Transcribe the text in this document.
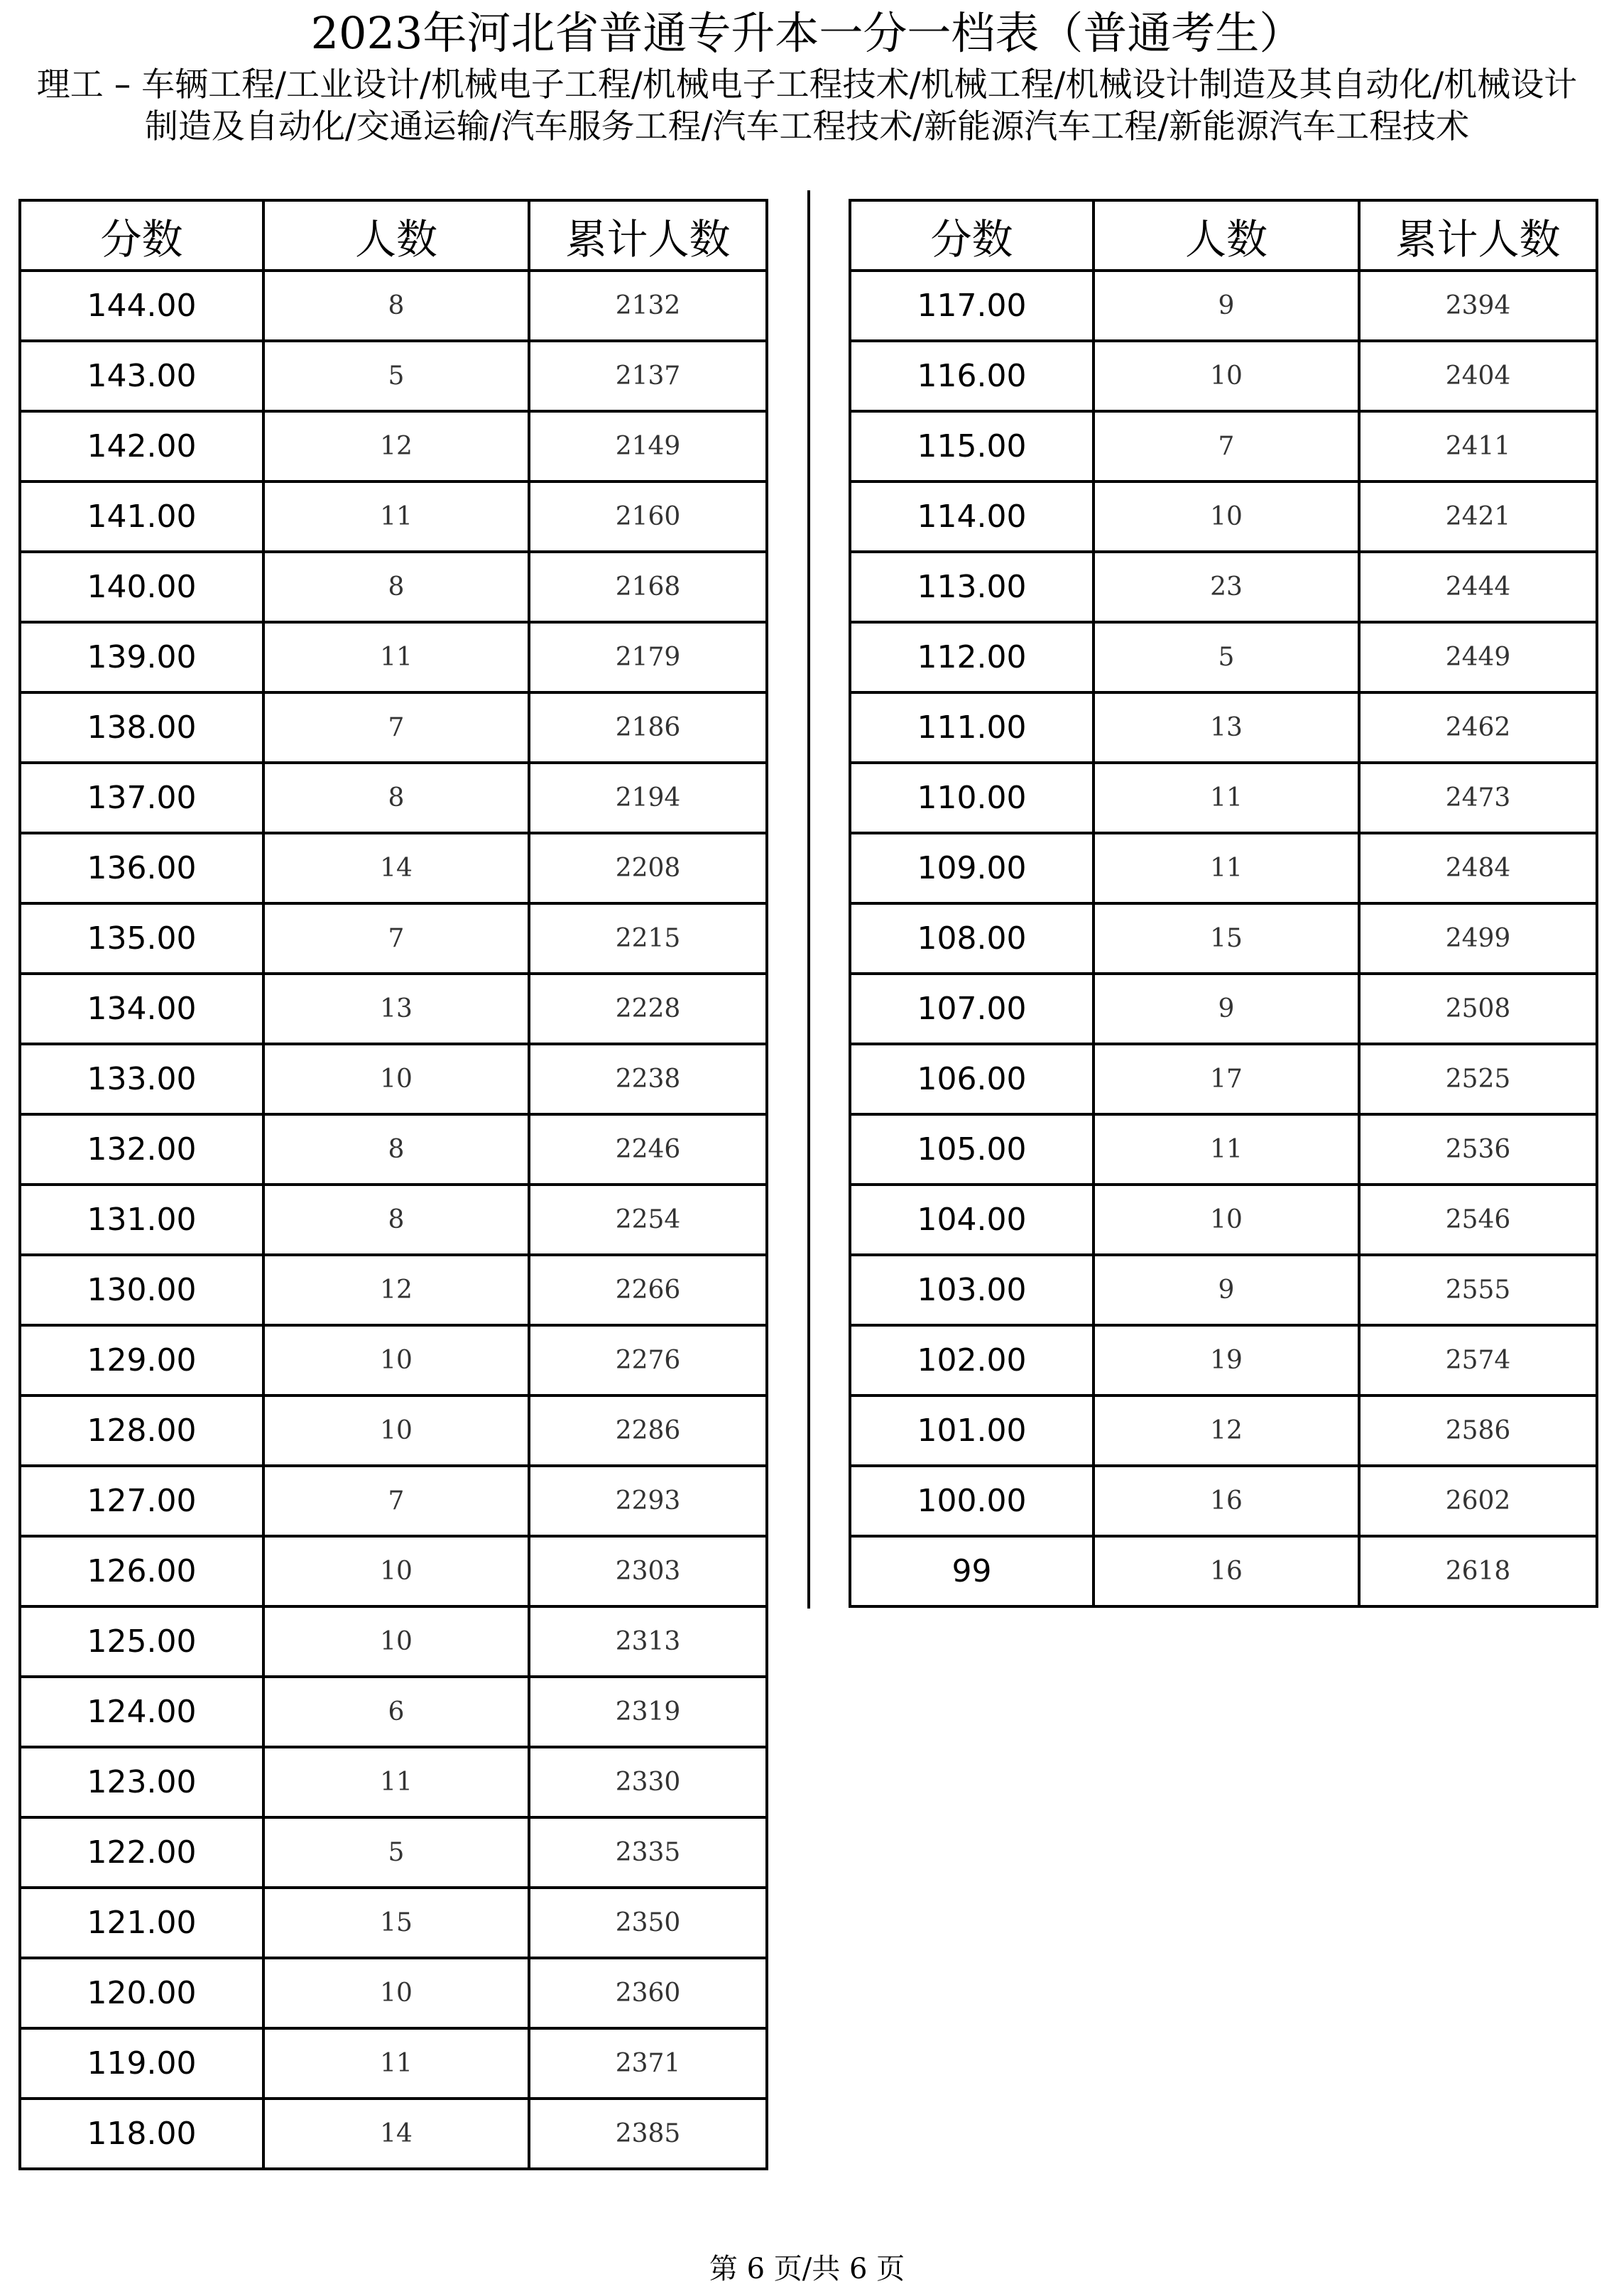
2023年河北省普通专升本一分一档表（普通考生）
理工 – 车辆工程/工业设计/机械电子工程/机械电子工程技术/机械工程/机械设计制造及其自动化/机械设计制造及自动化/交通运输/汽车服务工程/汽车工程技术/新能源汽车工程/新能源汽车工程技术
分数	人数	累计人数
144.00	8	2132
143.00	5	2137
142.00	12	2149
141.00	11	2160
140.00	8	2168
139.00	11	2179
138.00	7	2186
137.00	8	2194
136.00	14	2208
135.00	7	2215
134.00	13	2228
133.00	10	2238
132.00	8	2246
131.00	8	2254
130.00	12	2266
129.00	10	2276
128.00	10	2286
127.00	7	2293
126.00	10	2303
125.00	10	2313
124.00	6	2319
123.00	11	2330
122.00	5	2335
121.00	15	2350
120.00	10	2360
119.00	11	2371
118.00	14	2385
分数	人数	累计人数
117.00	9	2394
116.00	10	2404
115.00	7	2411
114.00	10	2421
113.00	23	2444
112.00	5	2449
111.00	13	2462
110.00	11	2473
109.00	11	2484
108.00	15	2499
107.00	9	2508
106.00	17	2525
105.00	11	2536
104.00	10	2546
103.00	9	2555
102.00	19	2574
101.00	12	2586
100.00	16	2602
99	16	2618
第 6 页/共 6 页
